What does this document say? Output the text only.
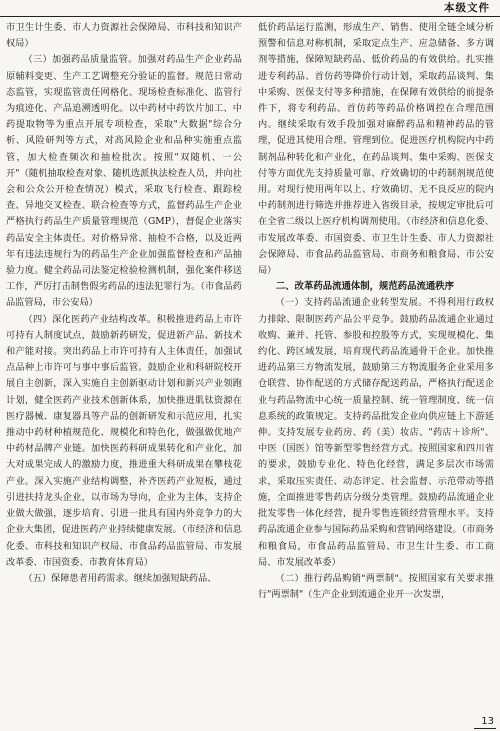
本级文件

市卫生计生委、市人力资源社会保障局、市科技和知识产权局）

（三）加强药品质量监管。加强对药品生产企业药品原辅料变更、生产工艺调整充分验证的监督。规范日常动态监管，实现监管责任网格化、现场检查标准化、监管行为痕迹化、产品追溯透明化。以中药材中药饮片加工、中药提取物等为重点开展专项检查，采取"大数据"综合分析、风险研判等方式，对高风险企业和品种实施重点监管，加大检查频次和抽检批次。按照"双随机、一公开"（随机抽取检查对象、随机选派执法检查人员，并向社会和公众公开检查情况）模式，采取飞行检查、跟踪检查、异地交叉检查、联合检查等方式，监督药品生产企业严格执行药品生产质量管理规范（GMP），督促企业落实药品安全主体责任。对价格异常、抽检不合格，以及近两年有违法违规行为的药品生产企业加强监督检查和产品抽验力度。健全药品司法鉴定检验检测机制，强化案件移送工作，严厉打击制售假劣药品的违法犯罪行为。（市食品药品监管局，市公安局）

（四）深化医药产业结构改革。积极推进药品上市许可持有人制度试点，鼓励新药研发，促进新产品、新技术和产能对接。突出药品上市许可持有人主体责任，加强试点品种上市许可与事中事后监管。鼓励企业和科研院校开展自主创新，深入实施自主创新驱动计划和新兴产业领跑计划，健全医药产业技术创新体系，加快推进肌钛资源在医疗器械、康复器具等产品的创新研发和示范应用，扎实推动中药材种植规范化、规模化和特色化，做强做优地产中药材品牌产业链。加快医药科研成果转化和产业化，加大对成果完成人的激励力度，推进重大科研成果在攀枝花产业。深入实施产业结构调整，补齐医药产业短板，通过引进扶持龙头企业，以市场为导向，企业为主体，支持企业做大做强，逐步培育、引进一批具有国内外竞争力的大企业大集团，促进医药产业持续健康发展。（市经济和信息化委、市科技和知识产权局、市食品药品监管局、市发展改革委、市国资委、市教育体育局）

（五）保障患者用药需求。继续加强短缺药品、

低价药品运行监测，形成生产、销售、使用全链全域分析预警和信息对称机制，采取定点生产、应急储备、多方调剂等措施，保障短缺药品、低价药品的有效供给。扎实推进专利药品、首仿药等降价行动计划，采取药品谈判、集中采购、医保支付等多种措施，在保障有效供给的前提条件下，将专利药品、首仿药等药品价格调控在合理范围内。继续采取有效手段加强对麻醉药品和精神药品的管理，促进其使用合理、管理到位。促进医疗机构院内中药制剂品种转化和产业化，在药品谈判、集中采购、医保支付等方面优先支持质量可靠、疗效确切的中药制剂规范使用。对现行使用两年以上、疗效确切、无不良反应的院内中药制剂进行筛选并推荐进入省级目录，按规定审批后可在全省二级以上医疗机构调剂使用。（市经济和信息化委、市发展改革委、市国资委、市卫生计生委、市人力资源社会保障局、市食品药品监管局、市商务和粮食局、市公安局）

二、改革药品流通体制，规范药品流通秩序

（一）支持药品流通企业转型发展。不得利用行政权力排除、限制医药产品公平竞争。鼓励药品流通企业通过收购、兼并、托管、参股和控股等方式，实现规模化、集约化、跨区域发展，培育现代药品流通骨干企业。加快推进药品第三方物流发展，鼓励第三方物流服务企业采用多仓联营、协作配送的方式储存配送药品，严格执行配送企业与药品物流中心统一质量控制、统一管理制度、统一信息系统的政策规定。支持药品批发企业向供应链上下游延伸。支持发展专业药房、药（美）妆店、"药店＋诊所"、中医（国医）馆等新型零售经营方式。按照国家和四川省的要求，鼓励专业化、特色化经营，满足多层次市场需求，采取压实责任、动态评定、社会监督、示范带动等措施，全面推进零售药店分级分类管理。鼓励药品流通企业批发零售一体化经营，提升零售连锁经营管理水平。支持药品流通企业参与国际药品采购和营销网络建设。（市商务和粮食局，市食品药品监管局、市卫生计生委、市工商局、市发展改革委）

（二）推行药品购销"两票制"。按照国家有关要求推行"两票制"（生产企业到流通企业开一次发票，

13
